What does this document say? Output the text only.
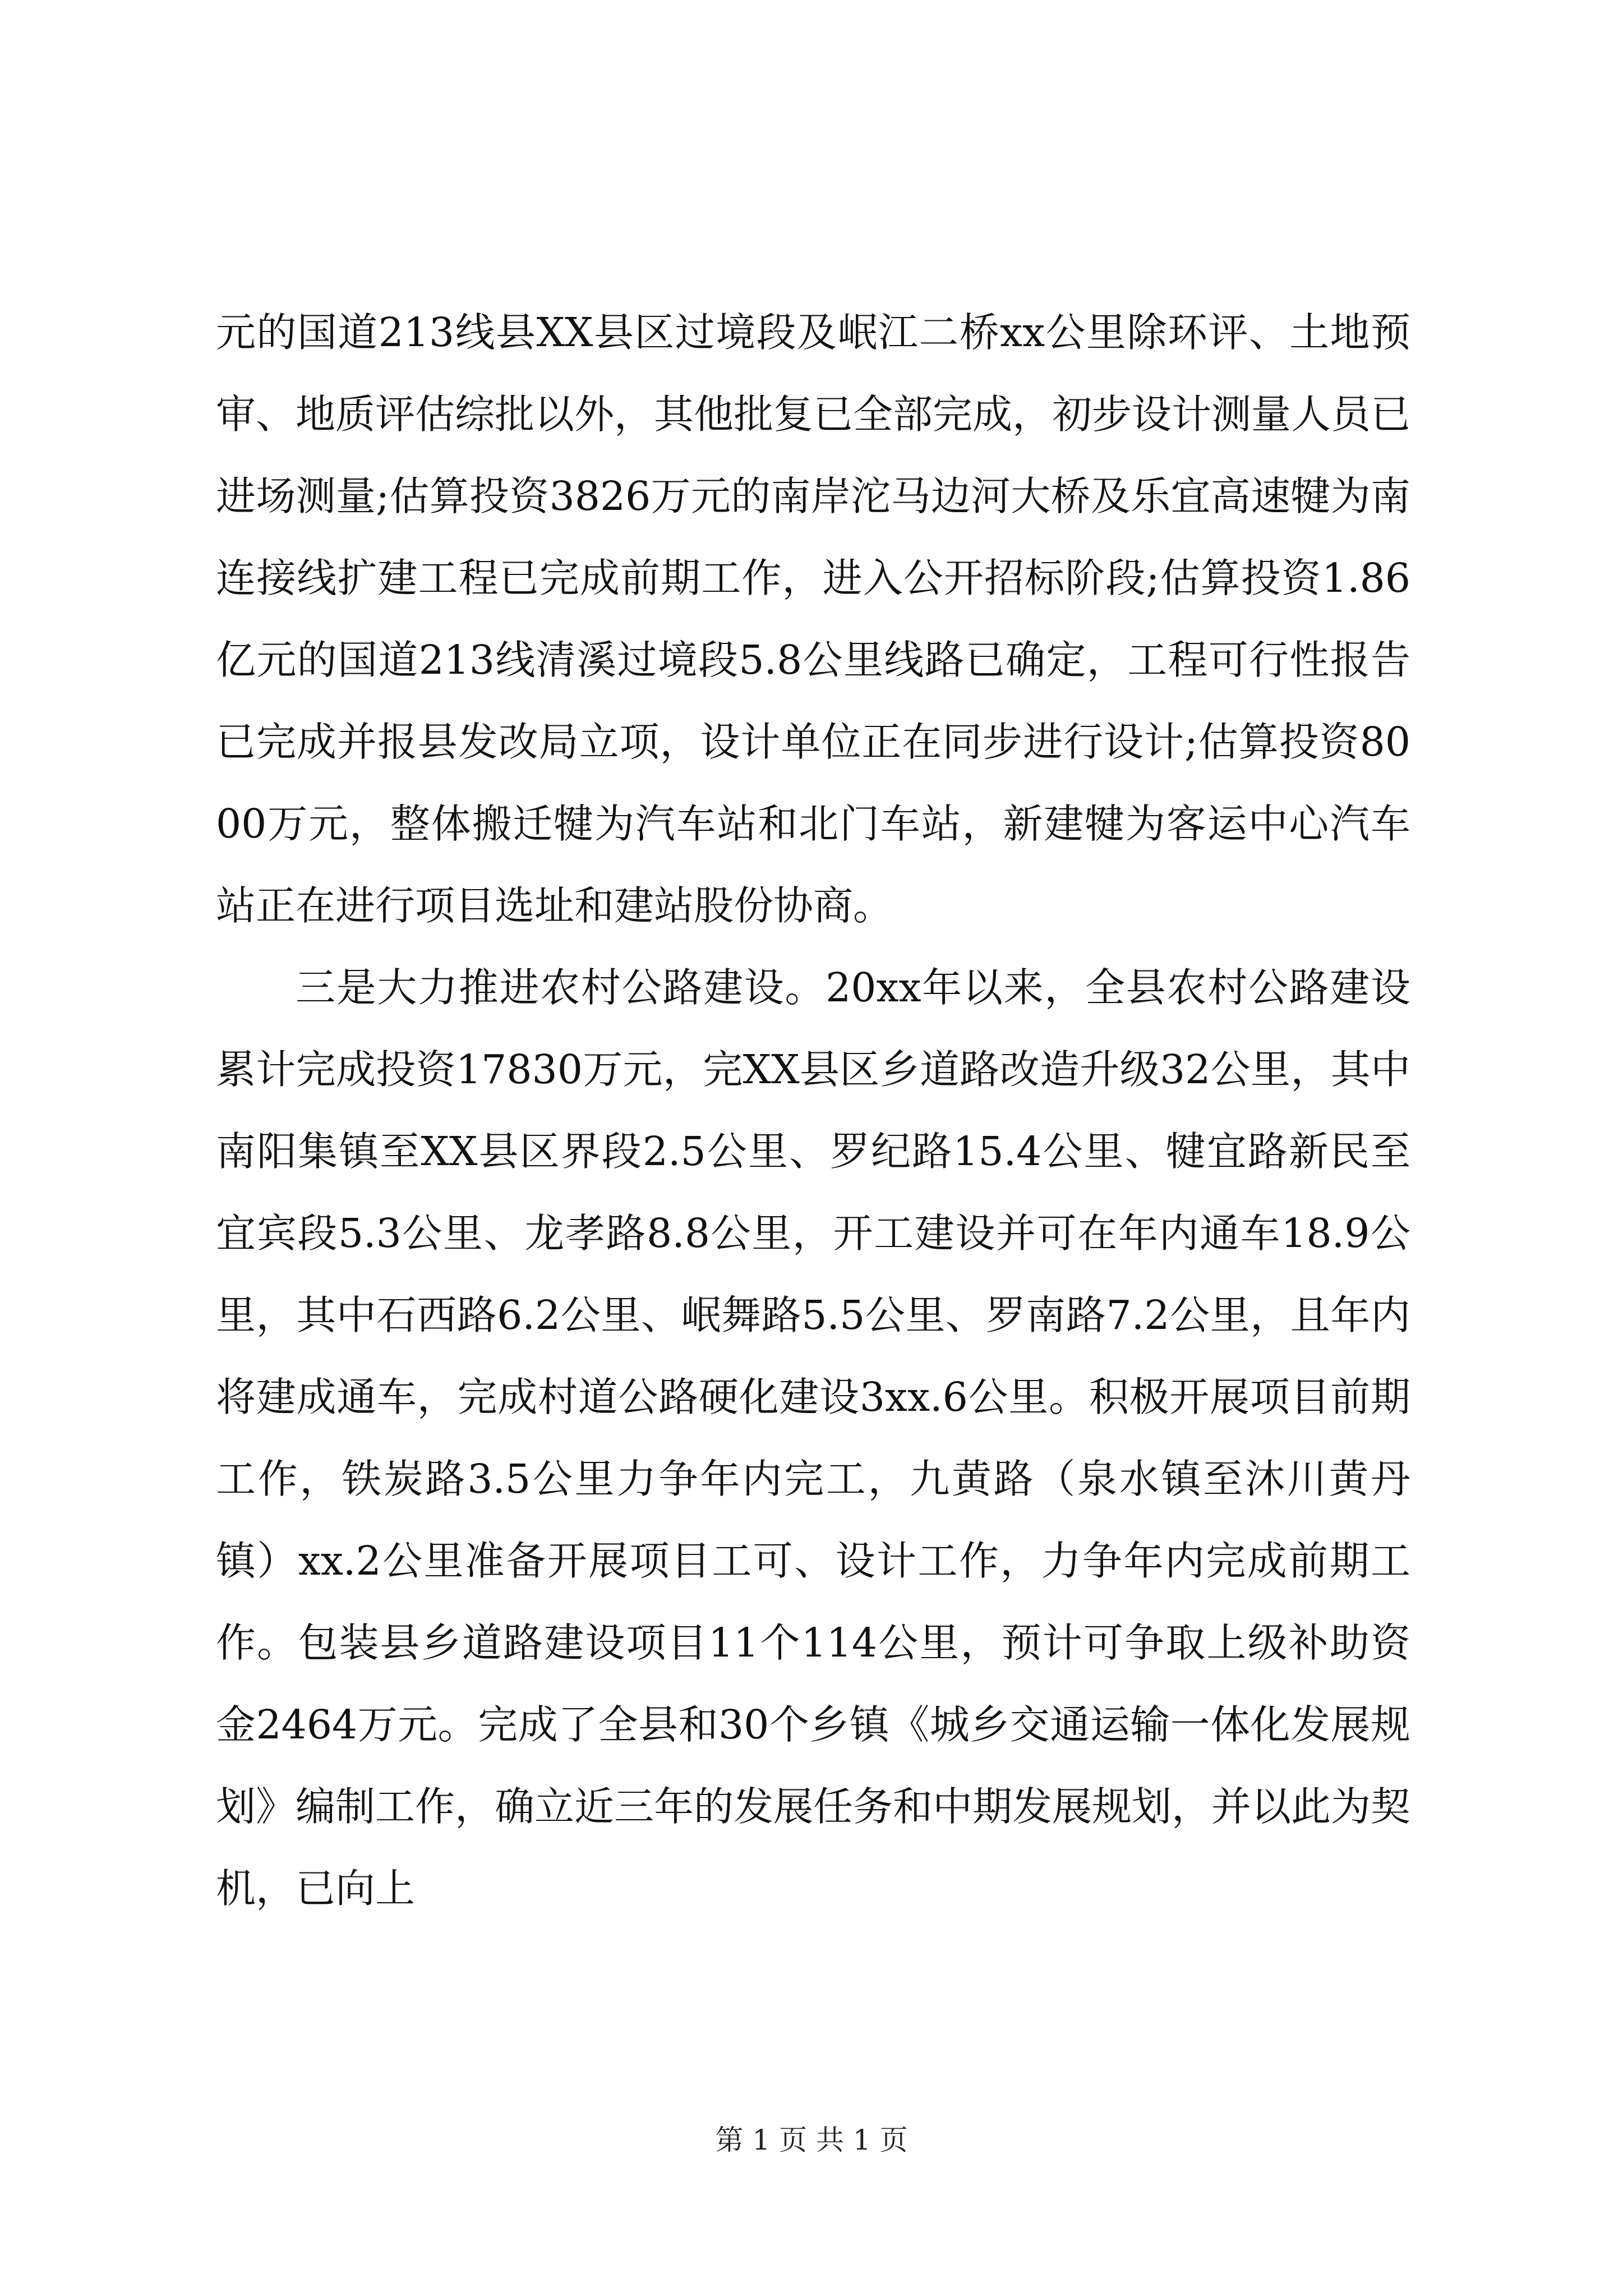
元的国道213线县XX县区过境段及岷江二桥xx公里除环评、土地预审、地质评估综批以外，其他批复已全部完成，初步设计测量人员已进场测量;估算投资3826万元的南岸沱马边河大桥及乐宜高速犍为南连接线扩建工程已完成前期工作，进入公开招标阶段;估算投资1.86亿元的国道213线清溪过境段5.8公里线路已确定，工程可行性报告已完成并报县发改局立项，设计单位正在同步进行设计;估算投资8000万元，整体搬迁犍为汽车站和北门车站，新建犍为客运中心汽车站正在进行项目选址和建站股份协商。

三是大力推进农村公路建设。20xx年以来，全县农村公路建设累计完成投资17830万元，完XX县区乡道路改造升级32公里，其中南阳集镇至XX县区界段2.5公里、罗纪路15.4公里、犍宜路新民至宜宾段5.3公里、龙孝路8.8公里，开工建设并可在年内通车18.9公里，其中石西路6.2公里、岷舞路5.5公里、罗南路7.2公里，且年内将建成通车，完成村道公路硬化建设3xx.6公里。积极开展项目前期工作，铁炭路3.5公里力争年内完工，九黄路（泉水镇至沐川黄丹镇）xx.2公里准备开展项目工可、设计工作，力争年内完成前期工作。包装县乡道路建设项目11个114公里，预计可争取上级补助资金2464万元。完成了全县和30个乡镇《城乡交通运输一体化发展规划》编制工作，确立近三年的发展任务和中期发展规划，并以此为契机，已向上

第 1 页 共 1 页
